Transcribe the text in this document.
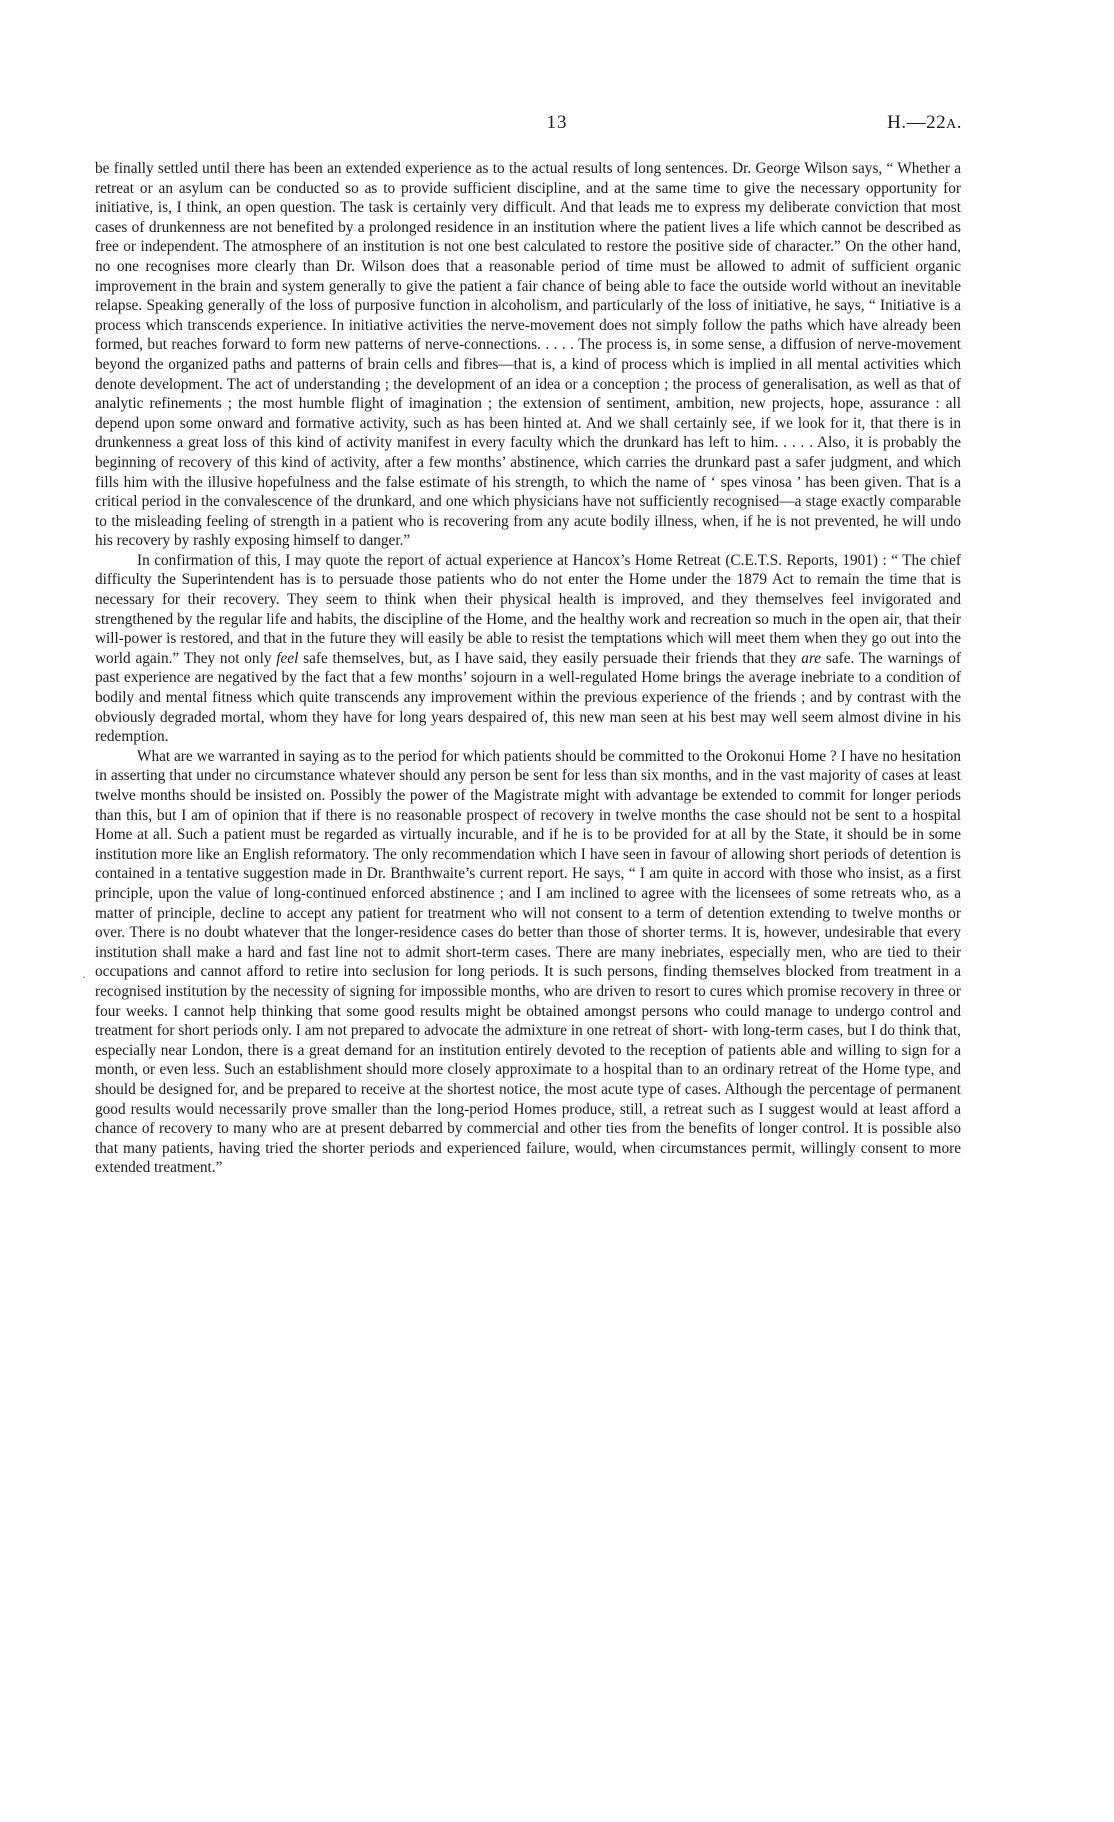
13	H.—22A.
·

be finally settled until there has been an extended experience as to the actual results of long sentences. Dr. George Wilson says, “ Whether a retreat or an asylum can be conducted so as to provide sufficient discipline, and at the same time to give the necessary opportunity for initiative, is, I think, an open question. The task is certainly very difficult. And that leads me to express my deliberate conviction that most cases of drunkenness are not benefited by a prolonged residence in an institution where the patient lives a life which cannot be described as free or independent. The atmosphere of an institution is not one best calculated to restore the positive side of character.” On the other hand, no one recognises more clearly than Dr. Wilson does that a reasonable period of time must be allowed to admit of sufficient organic improvement in the brain and system generally to give the patient a fair chance of being able to face the outside world without an inevitable relapse. Speaking generally of the loss of purposive function in alcoholism, and particularly of the loss of initiative, he says, “ Initiative is a process which transcends experience. In initiative activities the nerve-movement does not simply follow the paths which have already been formed, but reaches forward to form new patterns of nerve-connections. . . . . The process is, in some sense, a diffusion of nerve-movement beyond the organized paths and patterns of brain cells and fibres—that is, a kind of process which is implied in all mental activities which denote development. The act of understanding ; the development of an idea or a conception ; the process of generalisation, as well as that of analytic refinements ; the most humble flight of imagination ; the extension of sentiment, ambition, new projects, hope, assurance : all depend upon some onward and formative activity, such as has been hinted at. And we shall certainly see, if we look for it, that there is in drunkenness a great loss of this kind of activity manifest in every faculty which the drunkard has left to him. . . . . Also, it is probably the beginning of recovery of this kind of activity, after a few months’ abstinence, which carries the drunkard past a safer judgment, and which fills him with the illusive hopefulness and the false estimate of his strength, to which the name of ‘ spes vinosa ’ has been given. That is a critical period in the convalescence of the drunkard, and one which physicians have not sufficiently recognised—a stage exactly comparable to the misleading feeling of strength in a patient who is recovering from any acute bodily illness, when, if he is not prevented, he will undo his recovery by rashly exposing himself to danger.”

In confirmation of this, I may quote the report of actual experience at Hancox’s Home Retreat (C.E.T.S. Reports, 1901) : “ The chief difficulty the Superintendent has is to persuade those patients who do not enter the Home under the 1879 Act to remain the time that is necessary for their recovery. They seem to think when their physical health is improved, and they themselves feel invigorated and strengthened by the regular life and habits, the discipline of the Home, and the healthy work and recreation so much in the open air, that their will-power is restored, and that in the future they will easily be able to resist the temptations which will meet them when they go out into the world again.” They not only feel safe themselves, but, as I have said, they easily persuade their friends that they are safe. The warnings of past experience are negatived by the fact that a few months’ sojourn in a well-regulated Home brings the average inebriate to a condition of bodily and mental fitness which quite transcends any improvement within the previous experience of the friends ; and by contrast with the obviously degraded mortal, whom they have for long years despaired of, this new man seen at his best may well seem almost divine in his redemption.

What are we warranted in saying as to the period for which patients should be committed to the Orokonui Home ? I have no hesitation in asserting that under no circumstance whatever should any person be sent for less than six months, and in the vast majority of cases at least twelve months should be insisted on. Possibly the power of the Magistrate might with advantage be extended to commit for longer periods than this, but I am of opinion that if there is no reasonable prospect of recovery in twelve months the case should not be sent to a hospital Home at all. Such a patient must be regarded as virtually incurable, and if he is to be provided for at all by the State, it should be in some institution more like an English reformatory. The only recommendation which I have seen in favour of allowing short periods of detention is contained in a tentative suggestion made in Dr. Branthwaite’s current report. He says, “ I am quite in accord with those who insist, as a first principle, upon the value of long-continued enforced abstinence ; and I am inclined to agree with the licensees of some retreats who, as a matter of principle, decline to accept any patient for treatment who will not consent to a term of detention extending to twelve months or over. There is no doubt whatever that the longer-residence cases do better than those of shorter terms. It is, however, undesirable that every institution shall make a hard and fast line not to admit short-term cases. There are many inebriates, especially men, who are tied to their occupations and cannot afford to retire into seclusion for long periods. It is such persons, finding themselves blocked from treatment in a recognised institution by the necessity of signing for impossible months, who are driven to resort to cures which promise recovery in three or four weeks. I cannot help thinking that some good results might be obtained amongst persons who could manage to undergo control and treatment for short periods only. I am not prepared to advocate the admixture in one retreat of short- with long-term cases, but I do think that, especially near London, there is a great demand for an institution entirely devoted to the reception of patients able and willing to sign for a month, or even less. Such an establishment should more closely approximate to a hospital than to an ordinary retreat of the Home type, and should be designed for, and be prepared to receive at the shortest notice, the most acute type of cases. Although the percentage of permanent good results would necessarily prove smaller than the long-period Homes produce, still, a retreat such as I suggest would at least afford a chance of recovery to many who are at present debarred by commercial and other ties from the benefits of longer control. It is possible also that many patients, having tried the shorter periods and experienced failure, would, when circumstances permit, willingly consent to more extended treatment.”
